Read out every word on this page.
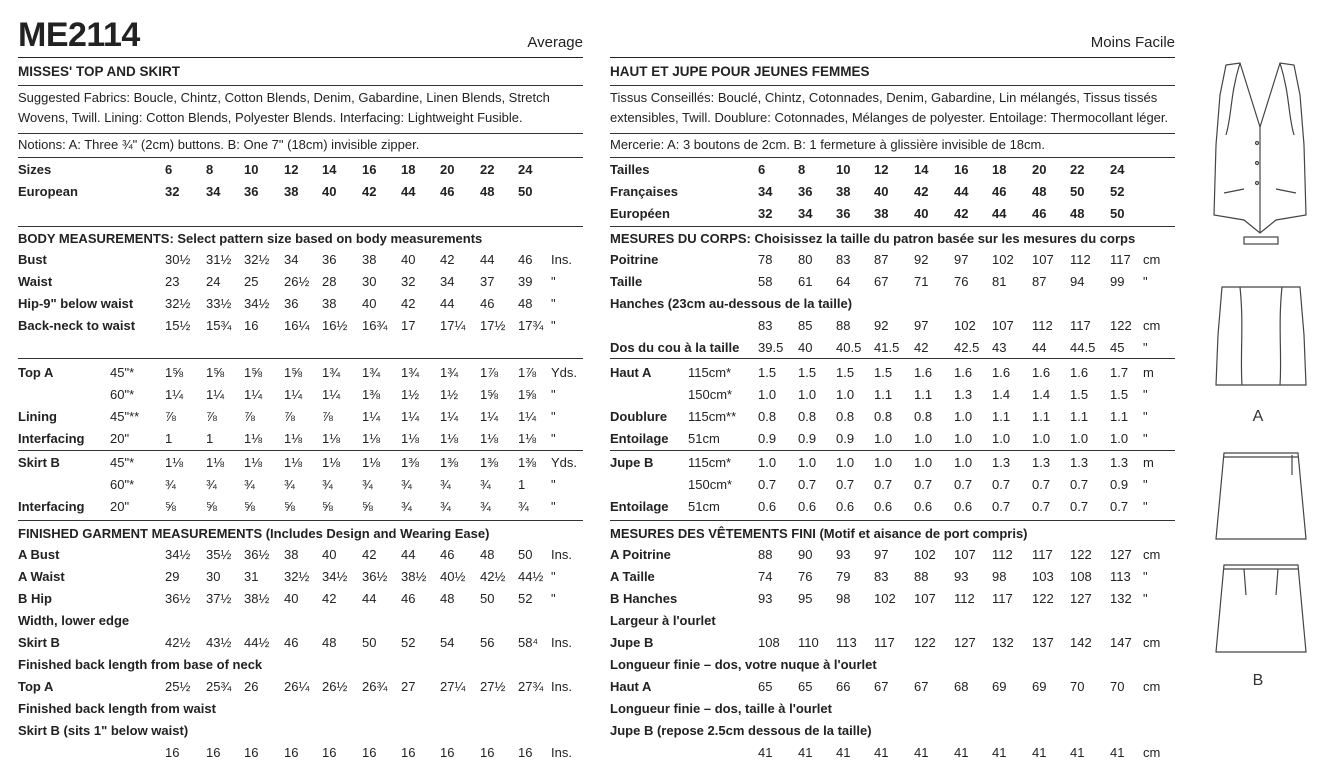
ME2114	Average
MISSES' TOP AND SKIRT
Suggested Fabrics: Boucle, Chintz, Cotton Blends, Denim, Gabardine, Linen Blends, Stretch Wovens, Twill. Lining: Cotton Blends, Polyester Blends. Interfacing: Lightweight Fusible.
Notions: A: Three ¾" (2cm) buttons. B: One 7" (18cm) invisible zipper.
Sizes	6	8 10 12 14 16 18 20 22 24
European	32 34 36 38 40 42 44 46 48 50
BODY MEASUREMENTS: Select pattern size based on body measurements
Bust	30½ 31½ 32½ 34 36 38 40 42 44 46 Ins.
Waist	23 24 25 26½ 28 30 32 34 37 39 "
Hip-9" below waist 32½ 33½ 34½ 36 38 40 42 44 46 48 "
Back-neck to waist 15½ 15¾ 16 16¼ 16½ 16¾ 17 17¼ 17½ 17¾ "
Top A	45"* 1⅝ 1⅝ 1⅝ 1⅝ 1¾ 1¾ 1¾ 1¾ 1⅞ 1⅞ Yds.
60"* 1¼ 1¼ 1¼ 1¼ 1¼ 1⅜ 1½ 1½ 1⅝ 1⅝ "
Lining	45"** ⅞ ⅞ ⅞ ⅞ ⅞ 1¼ 1¼ 1¼ 1¼ 1¼ "
Interfacing 20"	1	1 1⅛ 1⅛ 1⅛ 1⅛ 1⅛ 1⅛ 1⅛ 1⅛ "
Skirt B	45"* 1⅛ 1⅛ 1⅛ 1⅛ 1⅛ 1⅛ 1⅜ 1⅜ 1⅜ 1⅜ Yds.
60"* ¾ ¾ ¾ ¾ ¾ ¾ ¾ ¾ ¾ 1 "
Interfacing 20"	⅝ ⅝ ⅝ ⅝ ⅝ ⅝ ¾ ¾ ¾ ¾ "
FINISHED GARMENT MEASUREMENTS (Includes Design and Wearing Ease)
A Bust	34½ 35½ 36½ 38 40 42 44 46 48 50 Ins.
A Waist	29 30 31 32½ 34½ 36½ 38½ 40½ 42½ 44½ "
B Hip	36½ 37½ 38½ 40 42 44 46 48 50 52 "
Width, lower edge
Skirt B	42½ 43½ 44½ 46 48 50 52 54 56 58⁴ Ins.
Finished back length from base of neck
Top A	25½ 25¾ 26 26¼ 26½ 26¾ 27 27¼ 27½ 27¾ Ins.
Finished back length from waist
Skirt B (sits 1" below waist)
16 16 16 16 16 16 16 16 16 16 Ins.
Moins Facile
HAUT ET JUPE POUR JEUNES FEMMES
Tissus Conseillés: Bouclé, Chintz, Cotonnades, Denim, Gabardine, Lin mélangés, Tissus tissés extensibles, Twill. Doublure: Cotonnades, Mélanges de polyester. Entoilage: Thermocollant léger.
Mercerie: A: 3 boutons de 2cm. B: 1 fermeture à glissière invisible de 18cm.
Tailles	6	8 10 12 14 16 18 20 22 24
Françaises	34 36 38 40 42 44 46 48 50 52
Européen	32 34 36 38 40 42 44 46 48 50
MESURES DU CORPS: Choisissez la taille du patron basée sur les mesures du corps
Poitrine	78 80 83 87 92 97 102 107 112 117 cm
Taille	58 61 64 67 71 76 81 87 94 99 "
Hanches (23cm au-dessous de la taille)
83 85 88 92 97 102 107 112 117 122 cm
Dos du cou à la taille 39.5 40 40.5 41.5 42 42.5 43 44 44.5 45 "
Haut A	115cm* 1.5 1.5 1.5 1.5 1.6 1.6 1.6 1.6 1.6 1.7 m
150cm* 1.0 1.0 1.0 1.1 1.1 1.3 1.4 1.4 1.5 1.5 "
Doublure 115cm** 0.8 0.8 0.8 0.8 0.8 1.0 1.1 1.1 1.1 1.1 "
Entoilage 51cm	0.9 0.9 0.9 1.0 1.0 1.0 1.0 1.0 1.0 1.0 "
Jupe B	115cm* 1.0 1.0 1.0 1.0 1.0 1.0 1.3 1.3 1.3 1.3 m
150cm* 0.7 0.7 0.7 0.7 0.7 0.7 0.7 0.7 0.7 0.9 "
Entoilage 51cm	0.6 0.6 0.6 0.6 0.6 0.6 0.7 0.7 0.7 0.7 "
MESURES DES VÊTEMENTS FINI (Motif et aisance de port compris)
A Poitrine	88 90 93 97 102 107 112 117 122 127 cm
A Taille	74 76 79 83 88 93 98 103 108 113 "
B Hanches	93 95 98 102 107 112 117 122 127 132 "
Largeur à l'ourlet
Jupe B	108 110 113 117 122 127 132 137 142 147 cm
Longueur finie – dos, votre nuque à l'ourlet
Haut A	65 65 66 67 67 68 69 69 70 70 cm
Longueur finie – dos, taille à l'ourlet
Jupe B (repose 2.5cm dessous de la taille)
41 41 41 41 41 41 41 41 41 41 cm
A
B
